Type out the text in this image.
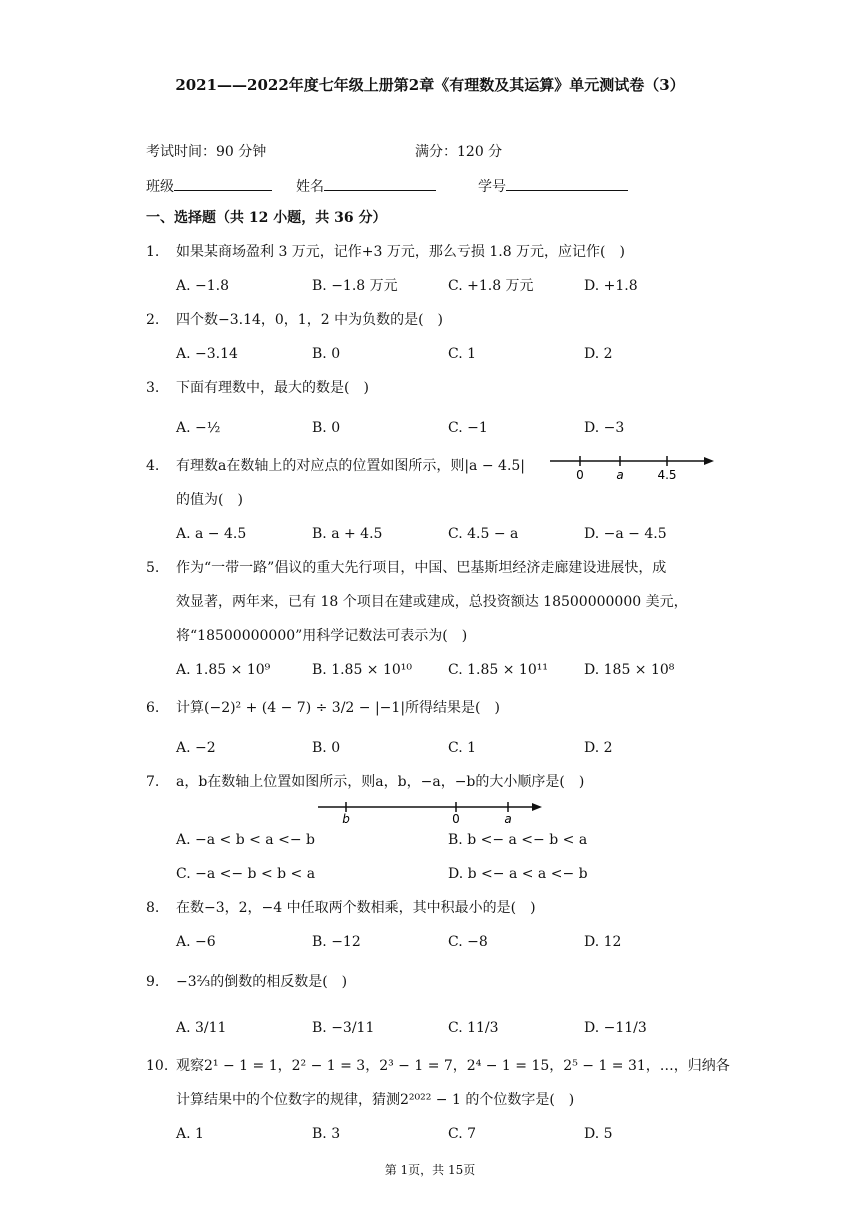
2021——2022年度七年级上册第2章《有理数及其运算》单元测试卷（3）
考试时间：90 分钟	满分：120 分
班级	姓名	学号
一、选择题（共 12 小题，共 36 分）
1. 如果某商场盈利 3 万元，记作+3 万元，那么亏损 1.8 万元，应记作(　)
A. −1.8	B. −1.8 万元	C. +1.8 万元	D. +1.8
2. 四个数−3.14，0，1，2 中为负数的是(　)
A. −3.14	B. 0	C. 1	D. 2
3. 下面有理数中，最大的数是(　)
A. −½	B. 0	C. −1	D. −3
4. 有理数a在数轴上的对应点的位置如图所示，则|a − 4.5|
的值为(　)
0	a	4.5
A. a − 4.5	B. a + 4.5	C. 4.5 − a	D. −a − 4.5
5. 作为“一带一路”倡议的重大先行项目，中国、巴基斯坦经济走廊建设进展快，成
效显著，两年来，已有 18 个项目在建或建成，总投资额达 18500000000 美元，
将“18500000000”用科学记数法可表示为(　)
A. 1.85 × 10⁹	B. 1.85 × 10¹⁰	C. 1.85 × 10¹¹	D. 185 × 10⁸
6. 计算(−2)² + (4 − 7) ÷ 3/2 − |−1|所得结果是(　)
A. −2	B. 0	C. 1	D. 2
7. a，b在数轴上位置如图所示，则a，b，−a，−b的大小顺序是(　)
b	0	a
A. −a < b < a <− b	B. b <− a <− b < a
C. −a <− b < b < a	D. b <− a < a <− b
8. 在数−3，2，−4 中任取两个数相乘，其中积最小的是(　)
A. −6	B. −12	C. −8	D. 12
9. −3⅔的倒数的相反数是(　)
A. 3/11	B. −3/11	C. 11/3	D. −11/3
10. 观察2¹ − 1 = 1，2² − 1 = 3，2³ − 1 = 7，2⁴ − 1 = 15，2⁵ − 1 = 31，…，归纳各
计算结果中的个位数字的规律，猜测2²⁰²² − 1 的个位数字是(　)
A. 1	B. 3	C. 7	D. 5
第 1页，共 15页
